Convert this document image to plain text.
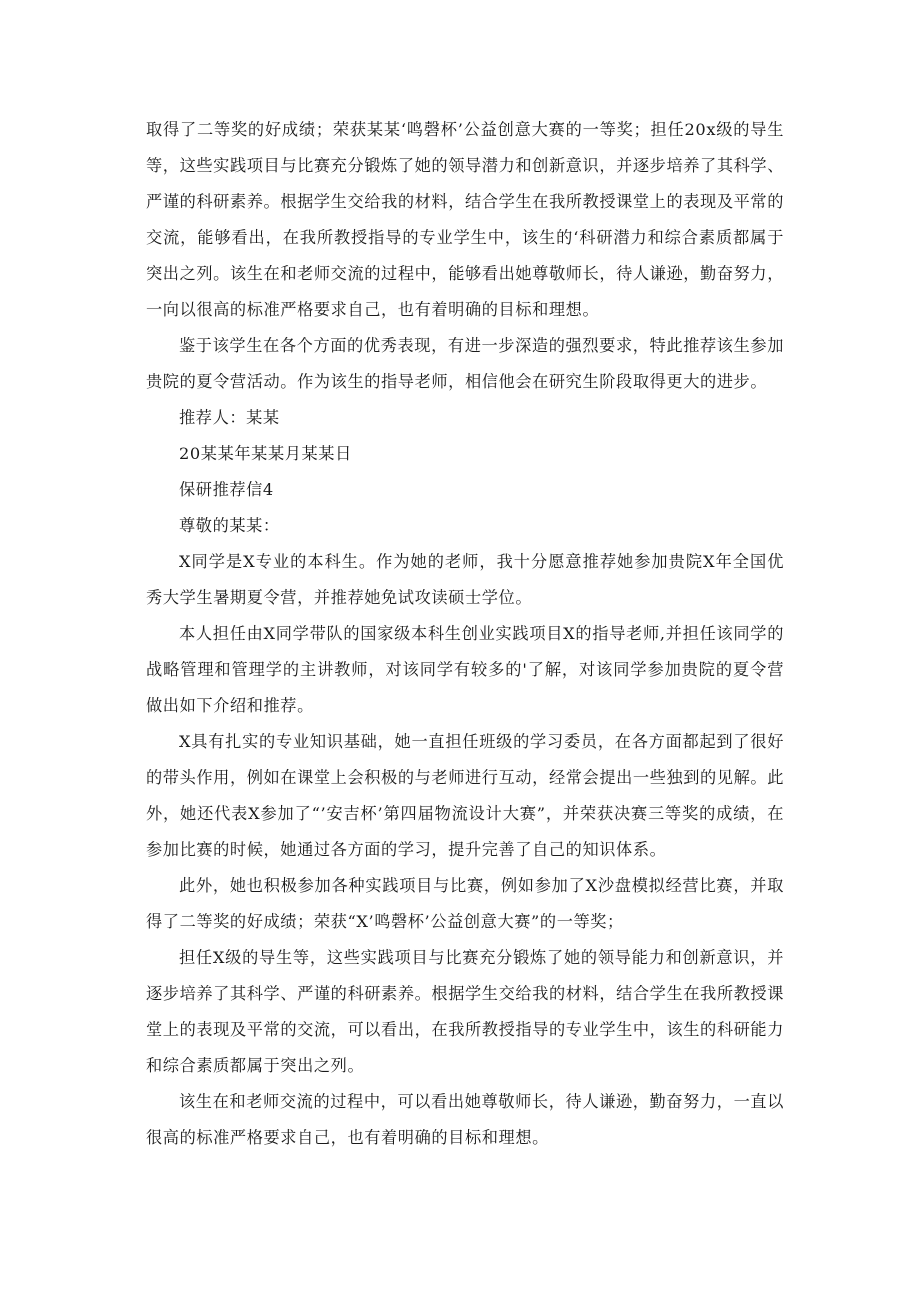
取得了二等奖的好成绩；荣获某某‘鸣磬杯’公益创意大赛的一等奖；担任20x级的导生等，这些实践项目与比赛充分锻炼了她的领导潜力和创新意识，并逐步培养了其科学、严谨的科研素养。根据学生交给我的材料，结合学生在我所教授课堂上的表现及平常的交流，能够看出，在我所教授指导的专业学生中，该生的‘科研潜力和综合素质都属于突出之列。该生在和老师交流的过程中，能够看出她尊敬师长，待人谦逊，勤奋努力，一向以很高的标准严格要求自己，也有着明确的目标和理想。

鉴于该学生在各个方面的优秀表现，有进一步深造的强烈要求，特此推荐该生参加贵院的夏令营活动。作为该生的指导老师，相信他会在研究生阶段取得更大的进步。

推荐人：某某

20某某年某某月某某日

保研推荐信4

尊敬的某某：

X同学是X专业的本科生。作为她的老师，我十分愿意推荐她参加贵院X年全国优秀大学生暑期夏令营，并推荐她免试攻读硕士学位。

本人担任由X同学带队的国家级本科生创业实践项目X的指导老师,并担任该同学的战略管理和管理学的主讲教师，对该同学有较多的'了解，对该同学参加贵院的夏令营做出如下介绍和推荐。

X具有扎实的专业知识基础，她一直担任班级的学习委员，在各方面都起到了很好的带头作用，例如在课堂上会积极的与老师进行互动，经常会提出一些独到的见解。此外，她还代表X参加了“’安吉杯’第四届物流设计大赛”，并荣获决赛三等奖的成绩，在参加比赛的时候，她通过各方面的学习，提升完善了自己的知识体系。

此外，她也积极参加各种实践项目与比赛，例如参加了X沙盘模拟经营比赛，并取得了二等奖的好成绩；荣获“X’鸣磬杯’公益创意大赛”的一等奖；

担任X级的导生等，这些实践项目与比赛充分锻炼了她的领导能力和创新意识，并逐步培养了其科学、严谨的科研素养。根据学生交给我的材料，结合学生在我所教授课堂上的表现及平常的交流，可以看出，在我所教授指导的专业学生中，该生的科研能力和综合素质都属于突出之列。

该生在和老师交流的过程中，可以看出她尊敬师长，待人谦逊，勤奋努力，一直以很高的标准严格要求自己，也有着明确的目标和理想。
